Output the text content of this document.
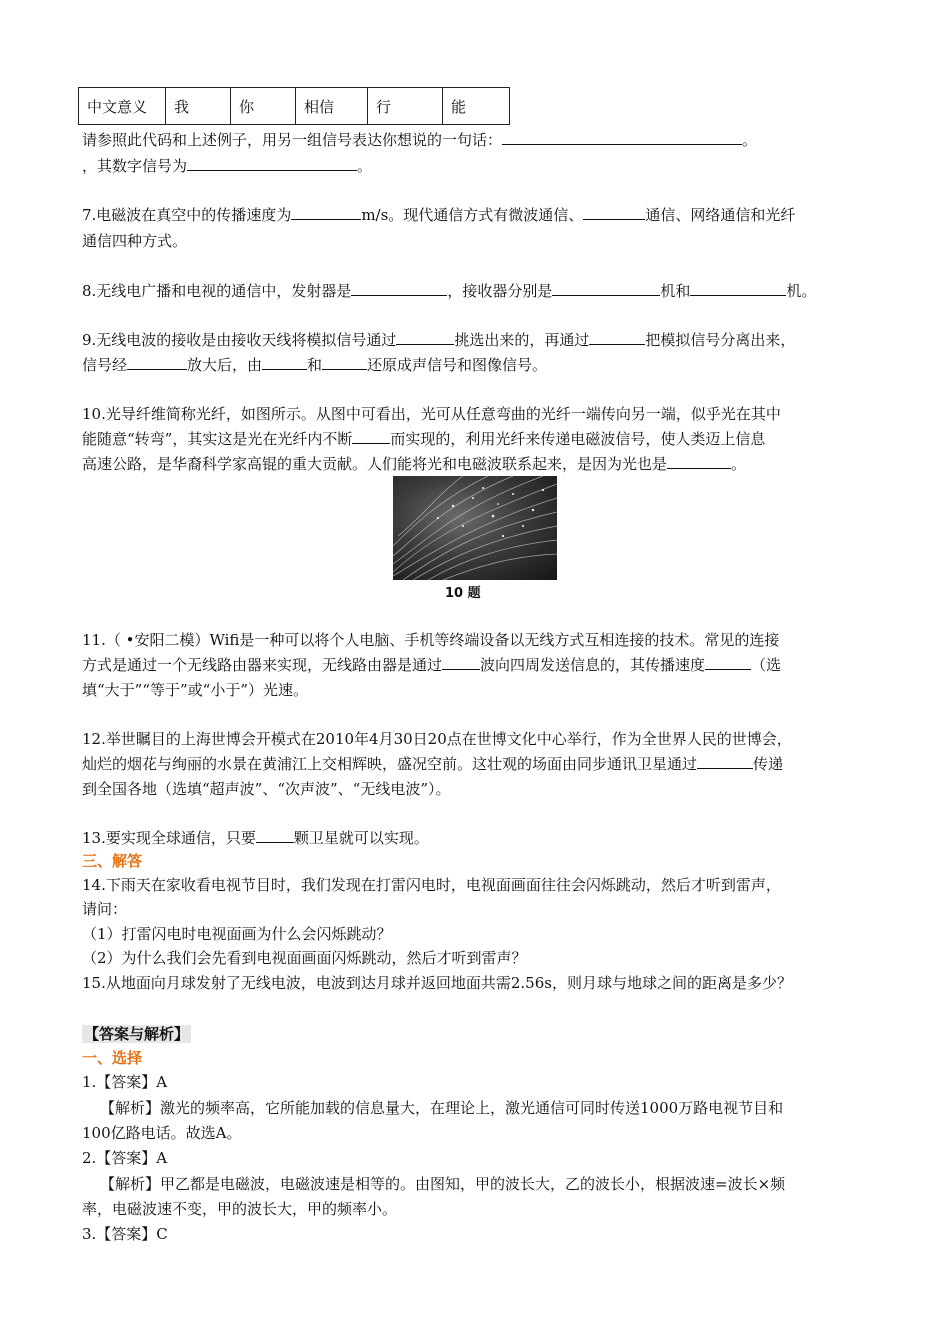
中文意义	我	你	相信	行	能
请参照此代码和上述例子，用另一组信号表达你想说的一句话：	。
，其数字信号为	。
7.电磁波在真空中的传播速度为	m/s。现代通信方式有微波通信、	通信、网络通信和光纤
通信四种方式。
8.无线电广播和电视的通信中，发射器是	，接收器分别是	机和	机。
9.无线电波的接收是由接收天线将模拟信号通过	挑选出来的，再通过	把模拟信号分离出来，
信号经	放大后，由	和	还原成声信号和图像信号。
10.光导纤维简称光纤，如图所示。从图中可看出，光可从任意弯曲的光纤一端传向另一端，似乎光在其中
能随意“转弯”，其实这是光在光纤内不断	而实现的，利用光纤来传递电磁波信号，使人类迈上信息
高速公路，是华裔科学家高锟的重大贡献。人们能将光和电磁波联系起来，是因为光也是	。
10 题
11.（ •安阳二模）Wifi是一种可以将个人电脑、手机等终端设备以无线方式互相连接的技术。常见的连接
方式是通过一个无线路由器来实现，无线路由器是通过	波向四周发送信息的，其传播速度	（选
填“大于”“等于”或“小于”）光速。
12.举世瞩目的上海世博会开模式在2010年4月30日20点在世博文化中心举行，作为全世界人民的世博会，
灿烂的烟花与绚丽的水景在黄浦江上交相辉映，盛况空前。这壮观的场面由同步通讯卫星通过	传递
到全国各地（选填“超声波”、“次声波”、“无线电波”）。
13.要实现全球通信，只要	颗卫星就可以实现。
三、解答
14.下雨天在家收看电视节目时，我们发现在打雷闪电时，电视面画面往往会闪烁跳动，然后才听到雷声，
请问：
（1）打雷闪电时电视面画为什么会闪烁跳动？
（2）为什么我们会先看到电视面画面闪烁跳动，然后才听到雷声？
15.从地面向月球发射了无线电波，电波到达月球并返回地面共需2.56s，则月球与地球之间的距离是多少？
【答案与解析】
一、选择
1.【答案】A
【解析】激光的频率高，它所能加载的信息量大，在理论上，激光通信可同时传送1000万路电视节目和
100亿路电话。故选A。
2.【答案】A
【解析】甲乙都是电磁波，电磁波速是相等的。由图知，甲的波长大，乙的波长小，根据波速=波长×频
率，电磁波速不变，甲的波长大，甲的频率小。
3.【答案】C
